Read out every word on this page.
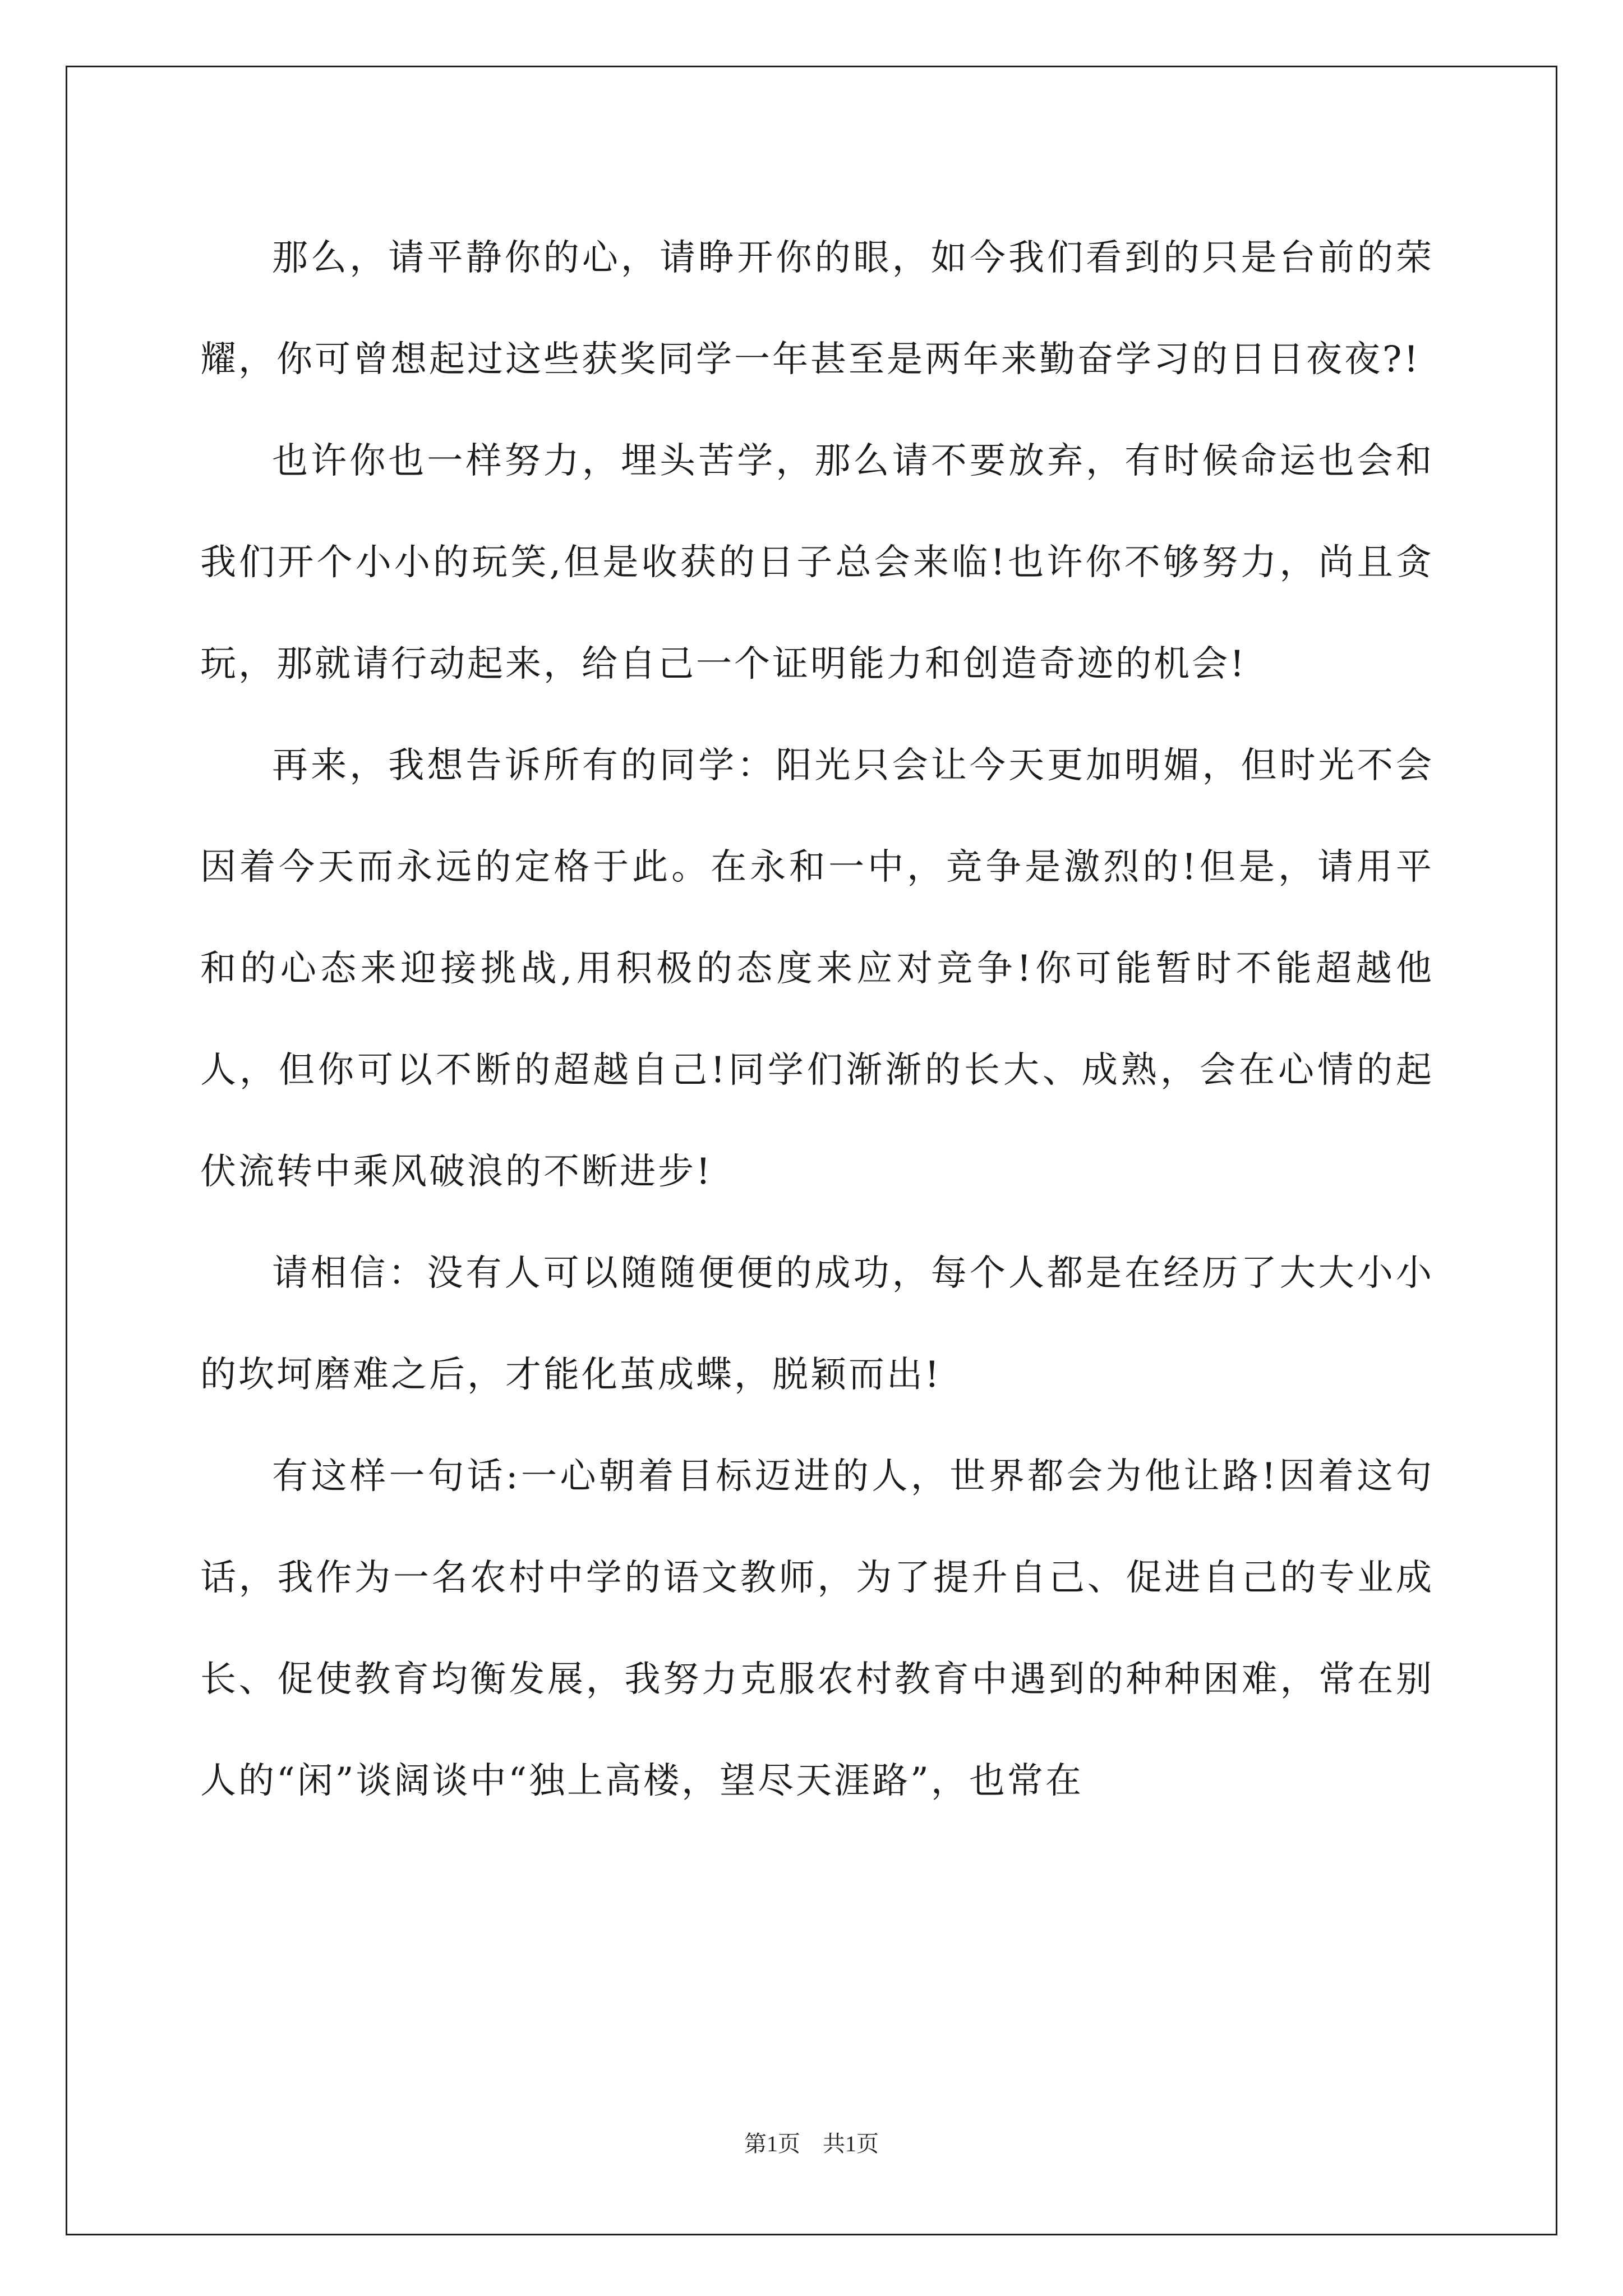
那么，请平静你的心，请睁开你的眼，如今我们看到的只是台前的荣耀，你可曾想起过这些获奖同学一年甚至是两年来勤奋学习的日日夜夜?!

也许你也一样努力，埋头苦学，那么请不要放弃，有时候命运也会和我们开个小小的玩笑,但是收获的日子总会来临!也许你不够努力，尚且贪玩，那就请行动起来，给自己一个证明能力和创造奇迹的机会!

再来，我想告诉所有的同学：阳光只会让今天更加明媚，但时光不会因着今天而永远的定格于此。在永和一中，竞争是激烈的!但是，请用平和的心态来迎接挑战,用积极的态度来应对竞争!你可能暂时不能超越他人，但你可以不断的超越自己!同学们渐渐的长大、成熟，会在心情的起伏流转中乘风破浪的不断进步!

请相信：没有人可以随随便便的成功，每个人都是在经历了大大小小的坎坷磨难之后，才能化茧成蝶，脱颖而出!

有这样一句话:一心朝着目标迈进的人，世界都会为他让路!因着这句话，我作为一名农村中学的语文教师，为了提升自己、促进自己的专业成长、促使教育均衡发展，我努力克服农村教育中遇到的种种困难，常在别人的“闲”谈阔谈中“独上高楼，望尽天涯路”，也常在

第1页 共1页
